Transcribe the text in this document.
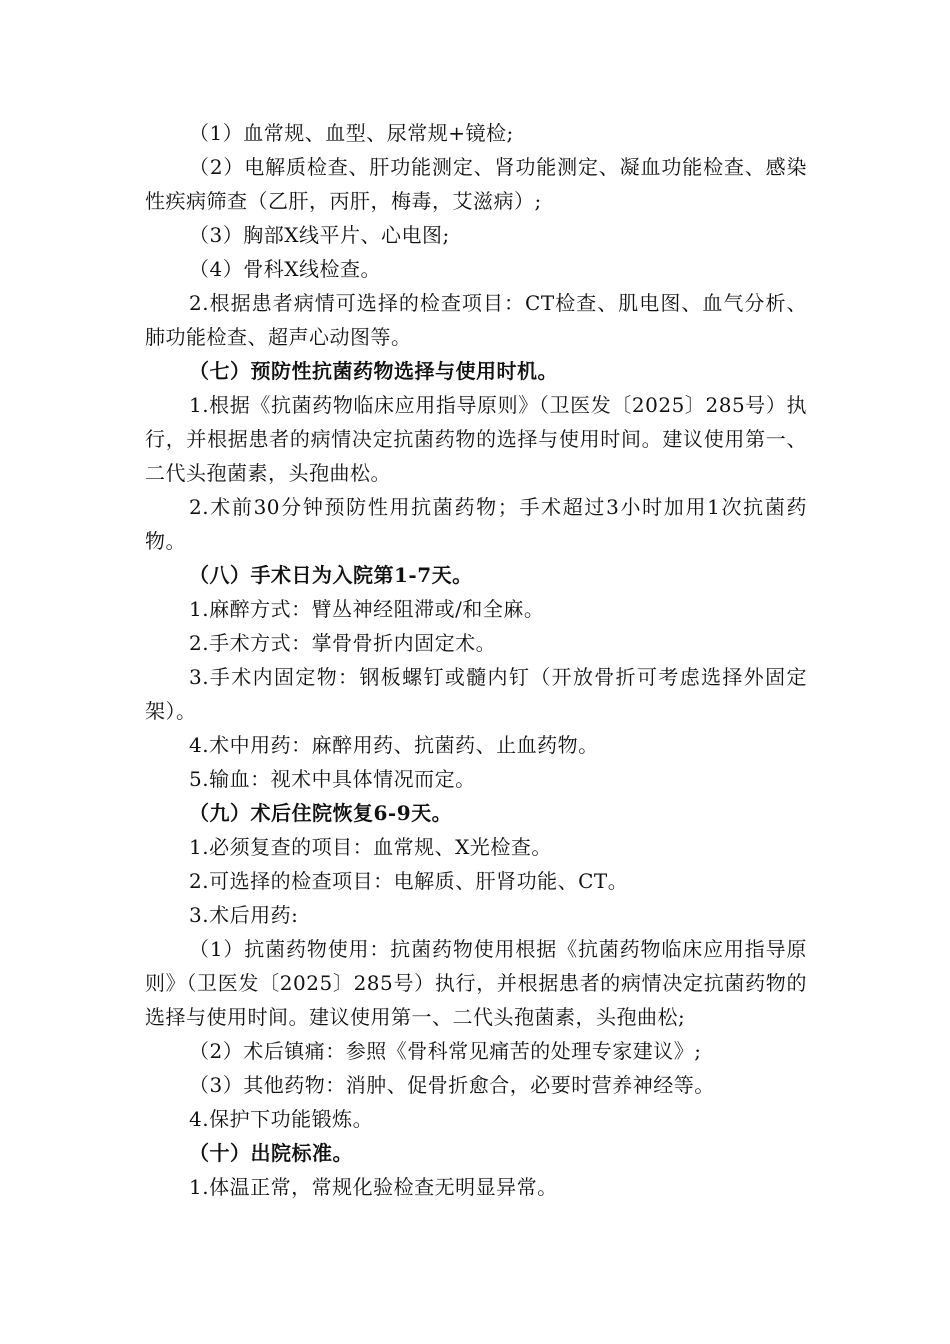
（1）血常规、血型、尿常规+镜检;

（2）电解质检查、肝功能测定、肾功能测定、凝血功能检查、感染性疾病筛查（乙肝，丙肝，梅毒，艾滋病）;

（3）胸部X线平片、心电图;

（4）骨科X线检查。

2.根据患者病情可选择的检查项目：CT检查、肌电图、血气分析、肺功能检查、超声心动图等。

（七）预防性抗菌药物选择与使用时机。

1.根据《抗菌药物临床应用指导原则》（卫医发〔2025〕285号）执行，并根据患者的病情决定抗菌药物的选择与使用时间。建议使用第一、二代头孢菌素，头孢曲松。

2.术前30分钟预防性用抗菌药物；手术超过3小时加用1次抗菌药物。

（八）手术日为入院第1-7天。

1.麻醉方式：臂丛神经阻滞或/和全麻。

2.手术方式：掌骨骨折内固定术。

3.手术内固定物：钢板螺钉或髓内钉（开放骨折可考虑选择外固定架）。

4.术中用药：麻醉用药、抗菌药、止血药物。

5.输血：视术中具体情况而定。

（九）术后住院恢复6-9天。

1.必须复查的项目：血常规、X光检查。

2.可选择的检查项目：电解质、肝肾功能、CT。

3.术后用药:

（1）抗菌药物使用：抗菌药物使用根据《抗菌药物临床应用指导原则》（卫医发〔2025〕285号）执行，并根据患者的病情决定抗菌药物的选择与使用时间。建议使用第一、二代头孢菌素，头孢曲松;

（2）术后镇痛：参照《骨科常见痛苦的处理专家建议》;

（3）其他药物：消肿、促骨折愈合，必要时营养神经等。

4.保护下功能锻炼。

（十）出院标准。

1.体温正常，常规化验检查无明显异常。
